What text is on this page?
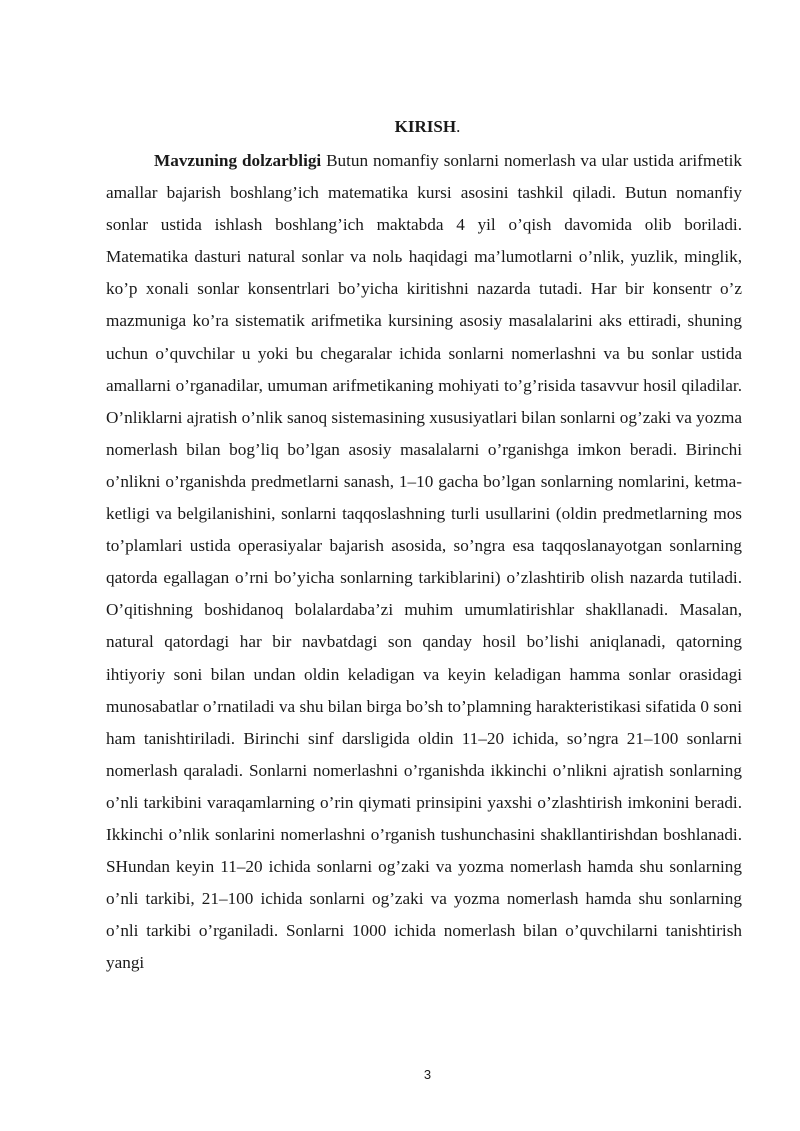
KIRISH.

Mavzuning dolzarbligi Butun nomanfiy sonlarni nomerlash va ular ustida arifmetik amallar bajarish boshlang’ich matematika kursi asosini tashkil qiladi. Butun nomanfiy sonlar ustida ishlash boshlang’ich maktabda 4 yil o’qish davomida olib boriladi. Matematika dasturi natural sonlar va nolь haqidagi ma’lumotlarni o’nlik, yuzlik, minglik, ko’p xonali sonlar konsentrlari bo’yicha kiritishni nazarda tutadi. Har bir konsentr o’z mazmuniga ko’ra sistematik arifmetika kursining asosiy masalalarini aks ettiradi, shuning uchun o’quvchilar u yoki bu chegaralar ichida sonlarni nomerlashni va bu sonlar ustida amallarni o’rganadilar, umuman arifmetikaning mohiyati to’g’risida tasavvur hosil qiladilar. O’nliklarni ajratish o’nlik sanoq sistemasining xususiyatlari bilan sonlarni og’zaki va yozma nomerlash bilan bog’liq bo’lgan asosiy masalalarni o’rganishga imkon beradi. Birinchi o’nlikni o’rganishda predmetlarni sanash, 1–10 gacha bo’lgan sonlarning nomlarini, ketma-ketligi va belgilanishini, sonlarni taqqoslashning turli usullarini (oldin predmetlarning mos to’plamlari ustida operasiyalar bajarish asosida, so’ngra esa taqqoslanayotgan sonlarning qatorda egallagan o’rni bo’yicha sonlarning tarkiblarini) o’zlashtirib olish nazarda tutiladi. O’qitishning boshidanoq bolalardaba’zi muhim umumlatirishlar shakllanadi. Masalan, natural qatordagi har bir navbatdagi son qanday hosil bo’lishi aniqlanadi, qatorning ihtiyoriy soni bilan undan oldin keladigan va keyin keladigan hamma sonlar orasidagi munosabatlar o’rnatiladi va shu bilan birga bo’sh to’plamning harakteristikasi sifatida 0 soni ham tanishtiriladi. Birinchi sinf darsligida oldin 11–20 ichida, so’ngra 21–100 sonlarni nomerlash qaraladi. Sonlarni nomerlashni o’rganishda ikkinchi o’nlikni ajratish sonlarning o’nli tarkibini varaqamlarning o’rin qiymati prinsipini yaxshi o’zlashtirish imkonini beradi. Ikkinchi o’nlik sonlarini nomerlashni o’rganish tushunchasini shakllantirishdan boshlanadi. SHundan keyin 11–20 ichida sonlarni og’zaki va yozma nomerlash hamda shu sonlarning o’nli tarkibi, 21–100 ichida sonlarni og’zaki va yozma nomerlash hamda shu sonlarning o’nli tarkibi o’rganiladi. Sonlarni 1000 ichida nomerlash bilan o’quvchilarni tanishtirish yangi

3
